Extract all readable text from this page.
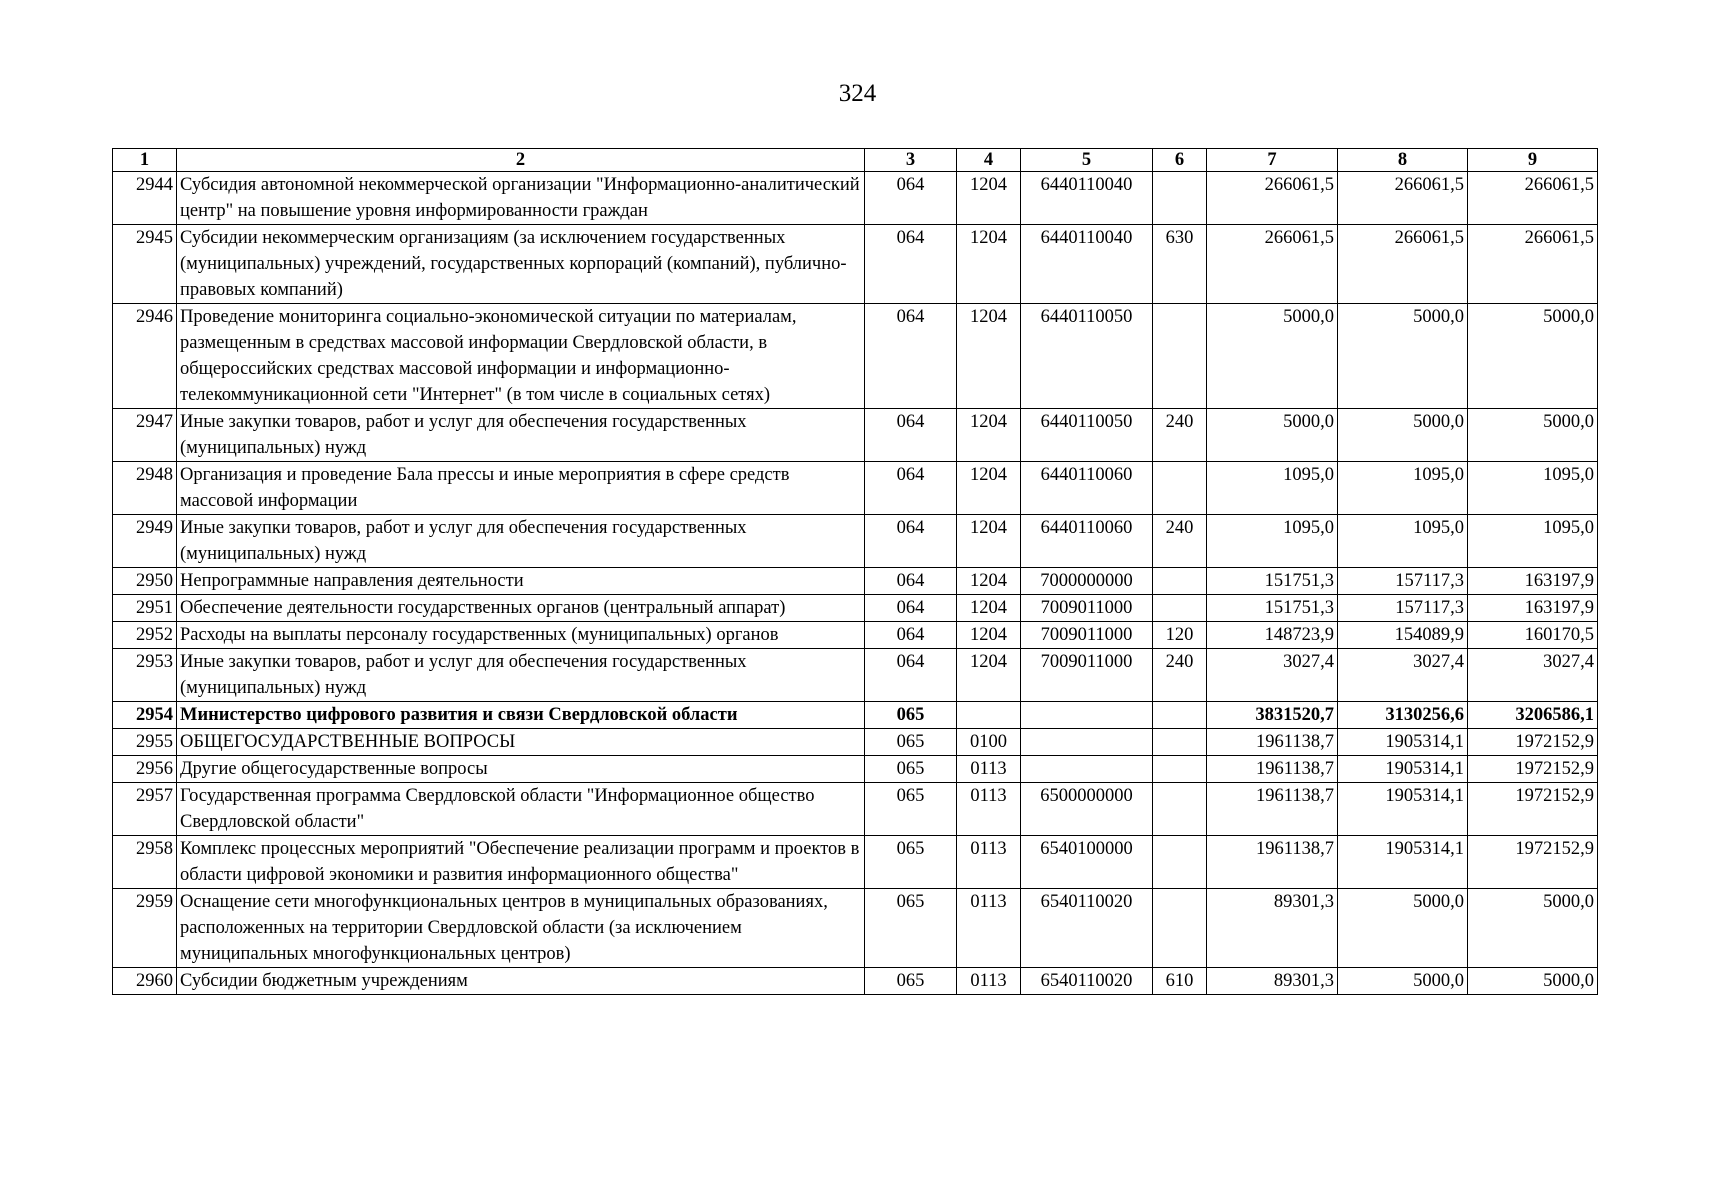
324
1	2	3	4	5	6	7	8	9
2944	Субсидия автономной некоммерческой организации "Информационно-аналитический центр" на повышение уровня информированности граждан	064	1204	6440110040		266061,5	266061,5	266061,5
2945	Субсидии некоммерческим организациям (за исключением государственных (муниципальных) учреждений, государственных корпораций (компаний), публично-правовых компаний)	064	1204	6440110040	630	266061,5	266061,5	266061,5
2946	Проведение мониторинга социально-экономической ситуации по материалам, размещенным в средствах массовой информации Свердловской области, в общероссийских средствах массовой информации и информационно-телекоммуникационной сети "Интернет" (в том числе в социальных сетях)	064	1204	6440110050		5000,0	5000,0	5000,0
2947	Иные закупки товаров, работ и услуг для обеспечения государственных (муниципальных) нужд	064	1204	6440110050	240	5000,0	5000,0	5000,0
2948	Организация и проведение Бала прессы и иные мероприятия в сфере средств массовой информации	064	1204	6440110060		1095,0	1095,0	1095,0
2949	Иные закупки товаров, работ и услуг для обеспечения государственных (муниципальных) нужд	064	1204	6440110060	240	1095,0	1095,0	1095,0
2950	Непрограммные направления деятельности	064	1204	7000000000		151751,3	157117,3	163197,9
2951	Обеспечение деятельности государственных органов (центральный аппарат)	064	1204	7009011000		151751,3	157117,3	163197,9
2952	Расходы на выплаты персоналу государственных (муниципальных) органов	064	1204	7009011000	120	148723,9	154089,9	160170,5
2953	Иные закупки товаров, работ и услуг для обеспечения государственных (муниципальных) нужд	064	1204	7009011000	240	3027,4	3027,4	3027,4
2954	Министерство цифрового развития и связи Свердловской области	065				3831520,7	3130256,6	3206586,1
2955	ОБЩЕГОСУДАРСТВЕННЫЕ ВОПРОСЫ	065	0100			1961138,7	1905314,1	1972152,9
2956	Другие общегосударственные вопросы	065	0113			1961138,7	1905314,1	1972152,9
2957	Государственная программа Свердловской области "Информационное общество Свердловской области"	065	0113	6500000000		1961138,7	1905314,1	1972152,9
2958	Комплекс процессных мероприятий "Обеспечение реализации программ и проектов в области цифровой экономики и развития информационного общества"	065	0113	6540100000		1961138,7	1905314,1	1972152,9
2959	Оснащение сети многофункциональных центров в муниципальных образованиях, расположенных на территории Свердловской области (за исключением муниципальных многофункциональных центров)	065	0113	6540110020		89301,3	5000,0	5000,0
2960	Субсидии бюджетным учреждениям	065	0113	6540110020	610	89301,3	5000,0	5000,0
